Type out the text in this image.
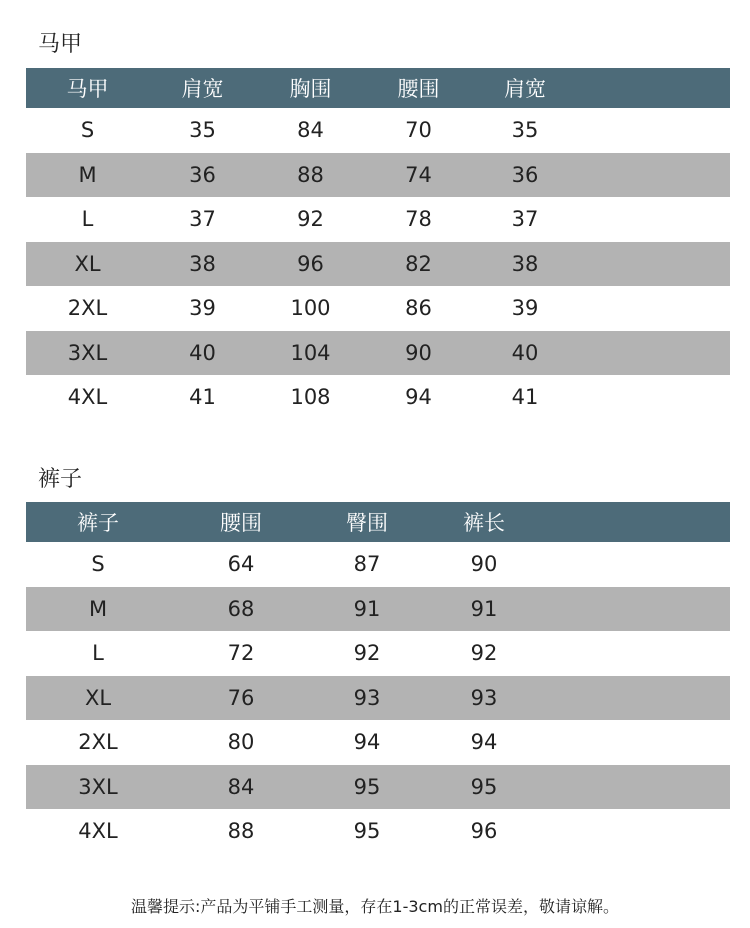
马甲
马甲	肩宽	胸围	腰围	肩宽	
S	35	84	70	35	
M	36	88	74	36	
L	37	92	78	37	
XL	38	96	82	38	
2XL	39	100	86	39	
3XL	40	104	90	40	
4XL	41	108	94	41	
裤子
裤子	腰围	臀围	裤长	
S	64	87	90	
M	68	91	91	
L	72	92	92	
XL	76	93	93	
2XL	80	94	94	
3XL	84	95	95	
4XL	88	95	96	
温馨提示:产品为平铺手工测量，存在1-3cm的正常误差，敬请谅解。
